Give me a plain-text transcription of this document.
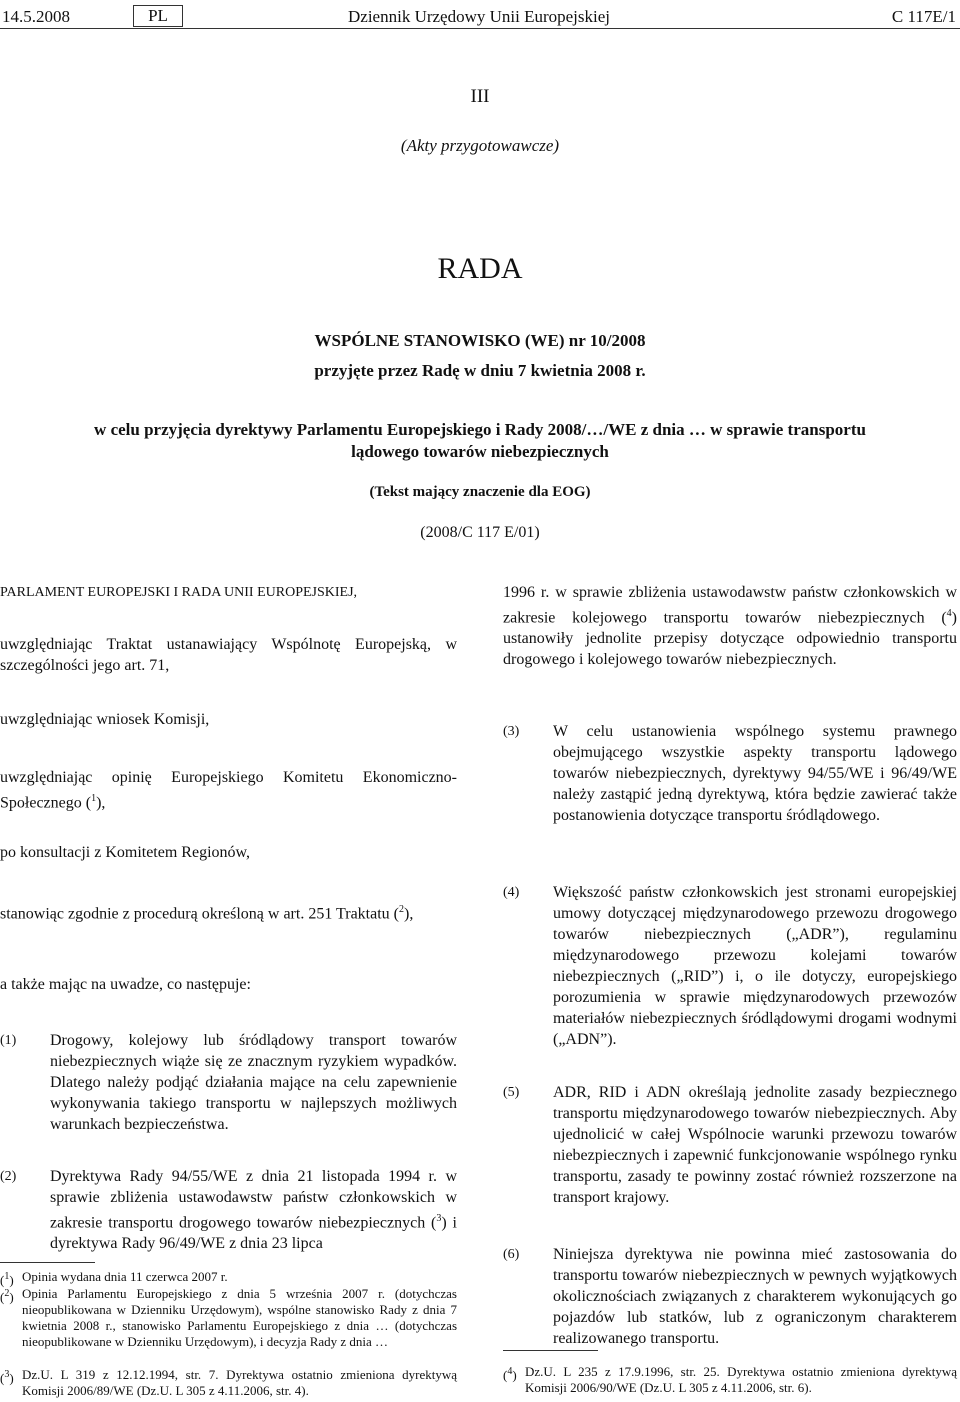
14.5.2008	PL	Dziennik Urzędowy Unii Europejskiej	C 117E/1
III
(Akty przygotowawcze)
RADA
WSPÓLNE STANOWISKO (WE) nr 10/2008
przyjęte przez Radę w dniu 7 kwietnia 2008 r.
w celu przyjęcia dyrektywy Parlamentu Europejskiego i Rady 2008/…/WE z dnia … w sprawie transportu lądowego towarów niebezpiecznych
(Tekst mający znaczenie dla EOG)
(2008/C 117 E/01)

PARLAMENT EUROPEJSKI I RADA UNII EUROPEJSKIEJ,

uwzględniając Traktat ustanawiający Wspólnotę Europejską, w szczególności jego art. 71,

uwzględniając wniosek Komisji,

uwzględniając opinię Europejskiego Komitetu Ekonomiczno-Społecznego ($^1$),

po konsultacji z Komitetem Regionów,

stanowiąc zgodnie z procedurą określoną w art. 251 Traktatu ($^2$),

a także mając na uwadze, co następuje:

(1) Drogowy, kolejowy lub śródlądowy transport towarów niebezpiecznych wiąże się ze znacznym ryzykiem wypadków. Dlatego należy podjąć działania mające na celu zapewnienie wykonywania takiego transportu w najlepszych możliwych warunkach bezpieczeństwa.
(2) Dyrektywa Rady 94/55/WE z dnia 21 listopada 1994 r. w sprawie zbliżenia ustawodawstw państw członkowskich w zakresie transportu drogowego towarów niebezpiecznych ($^3$) i dyrektywa Rady 96/49/WE z dnia 23 lipca
($^1$) Opinia wydana dnia 11 czerwca 2007 r.
($^2$) Opinia Parlamentu Europejskiego z dnia 5 września 2007 r. (dotychczas nieopublikowana w Dzienniku Urzędowym), wspólne stanowisko Rady z dnia 7 kwietnia 2008 r., stanowisko Parlamentu Europejskiego z dnia … (dotychczas nieopublikowane w Dzienniku Urzędowym), i decyzja Rady z dnia …
($^3$) Dz.U. L 319 z 12.12.1994, str. 7. Dyrektywa ostatnio zmieniona dyrektywą Komisji 2006/89/WE (Dz.U. L 305 z 4.11.2006, str. 4).

1996 r. w sprawie zbliżenia ustawodawstw państw członkowskich w zakresie kolejowego transportu towarów niebezpiecznych ($^4$) ustanowiły jednolite przepisy dotyczące odpowiednio transportu drogowego i kolejowego towarów niebezpiecznych.

(3) W celu ustanowienia wspólnego systemu prawnego obejmującego wszystkie aspekty transportu lądowego towarów niebezpiecznych, dyrektywy 94/55/WE i 96/49/WE należy zastąpić jedną dyrektywą, która będzie zawierać także postanowienia dotyczące transportu śródlądowego.
(4) Większość państw członkowskich jest stronami europejskiej umowy dotyczącej międzynarodowego przewozu drogowego towarów niebezpiecznych („ADR”), regulaminu międzynarodowego przewozu kolejami towarów niebezpiecznych („RID”) i, o ile dotyczy, europejskiego porozumienia w sprawie międzynarodowych przewozów materiałów niebezpiecznych śródlądowymi drogami wodnymi („ADN”).
(5) ADR, RID i ADN określają jednolite zasady bezpiecznego transportu międzynarodowego towarów niebezpiecznych. Aby ujednolicić w całej Wspólnocie warunki przewozu towarów niebezpiecznych i zapewnić funkcjonowanie wspólnego rynku transportu, zasady te powinny zostać również rozszerzone na transport krajowy.
(6) Niniejsza dyrektywa nie powinna mieć zastosowania do transportu towarów niebezpiecznych w pewnych wyjątkowych okolicznościach związanych z charakterem wykonujących go pojazdów lub statków, lub z ograniczonym charakterem realizowanego transportu.
($^4$) Dz.U. L 235 z 17.9.1996, str. 25. Dyrektywa ostatnio zmieniona dyrektywą Komisji 2006/90/WE (Dz.U. L 305 z 4.11.2006, str. 6).
